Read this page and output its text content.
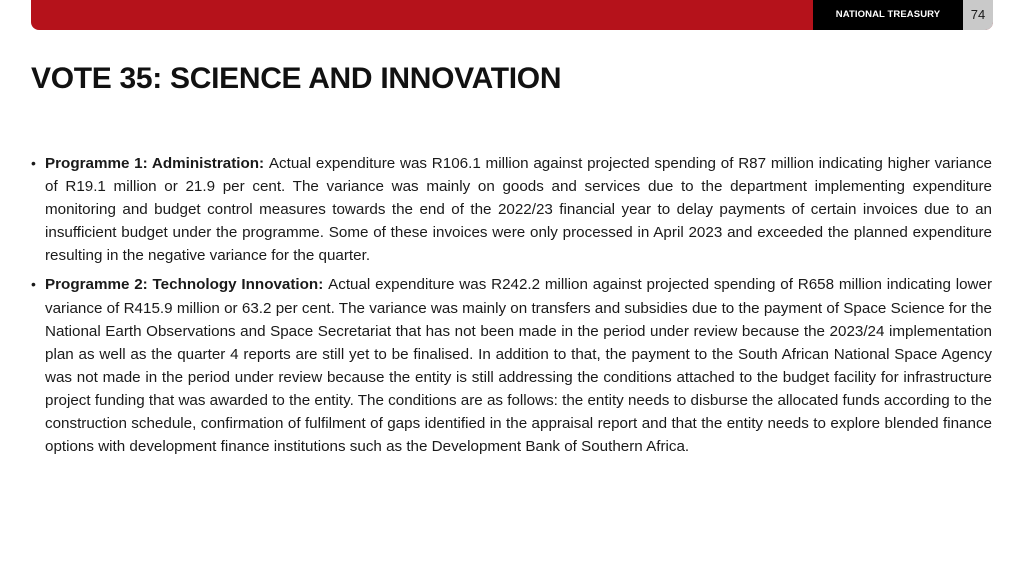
NATIONAL TREASURY	74
VOTE 35: SCIENCE AND INNOVATION
• Programme 1: Administration: Actual expenditure was R106.1 million against projected spending of R87 million indicating higher variance of R19.1 million or 21.9 per cent. The variance was mainly on goods and services due to the department implementing expenditure monitoring and budget control measures towards the end of the 2022/23 financial year to delay payments of certain invoices due to an insufficient budget under the programme. Some of these invoices were only processed in April 2023 and exceeded the planned expenditure resulting in the negative variance for the quarter.
• Programme 2: Technology Innovation: Actual expenditure was R242.2 million against projected spending of R658 million indicating lower variance of R415.9 million or 63.2 per cent. The variance was mainly on transfers and subsidies due to the payment of Space Science for the National Earth Observations and Space Secretariat that has not been made in the period under review because the 2023/24 implementation plan as well as the quarter 4 reports are still yet to be finalised. In addition to that, the payment to the South African National Space Agency was not made in the period under review because the entity is still addressing the conditions attached to the budget facility for infrastructure project funding that was awarded to the entity. The conditions are as follows: the entity needs to disburse the allocated funds according to the construction schedule, confirmation of fulfilment of gaps identified in the appraisal report and that the entity needs to explore blended finance options with development finance institutions such as the Development Bank of Southern Africa.
